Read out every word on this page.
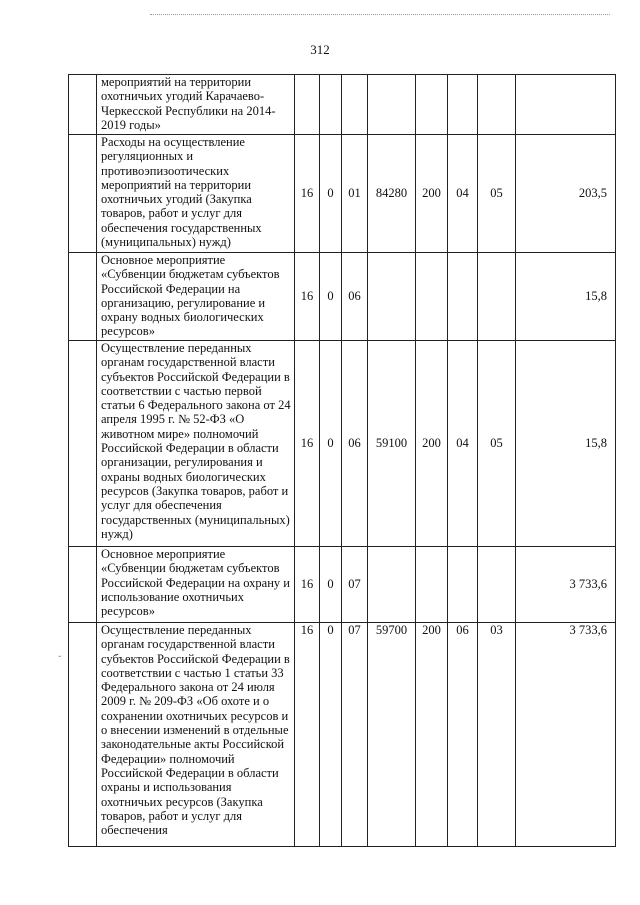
ˇ
312
	мероприятий на территории охотничьих угодий Карачаево-Черкесской Республики на 2014-2019 годы»								
	Расходы на осуществление регуляционных и противоэпизоотических мероприятий на территории охотничьих угодий (Закупка товаров, работ и услуг для обеспечения государственных (муниципальных) нужд)	16	0	01	84280	200	04	05	203,5
	Основное мероприятие «Субвенции бюджетам субъектов Российской Федерации на организацию, регулирование и охрану водных биологических ресурсов»	16	0	06					15,8
	Осуществление переданных органам государственной власти субъектов Российской Федерации в соответствии с частью первой статьи 6 Федерального закона от 24 апреля 1995 г. № 52-ФЗ «О животном мире» полномочий Российской Федерации в области организации, регулирования и охраны водных биологических ресурсов (Закупка товаров, работ и услуг для обеспечения государственных (муниципальных) нужд)	16	0	06	59100	200	04	05	15,8
	Основное мероприятие «Субвенции бюджетам субъектов Российской Федерации на охрану и использование охотничьих ресурсов»	16	0	07					3 733,6
	Осуществление переданных органам государственной власти субъектов Российской Федерации в соответствии с частью 1 статьи 33 Федерального закона от 24 июля 2009 г. № 209-ФЗ «Об охоте и о сохранении охотничьих ресурсов и о внесении изменений в отдельные законодательные акты Российской Федерации» полномочий Российской Федерации в области охраны и использования охотничьих ресурсов (Закупка товаров, работ и услуг для обеспечения	16	0	07	59700	200	06	03	3 733,6
